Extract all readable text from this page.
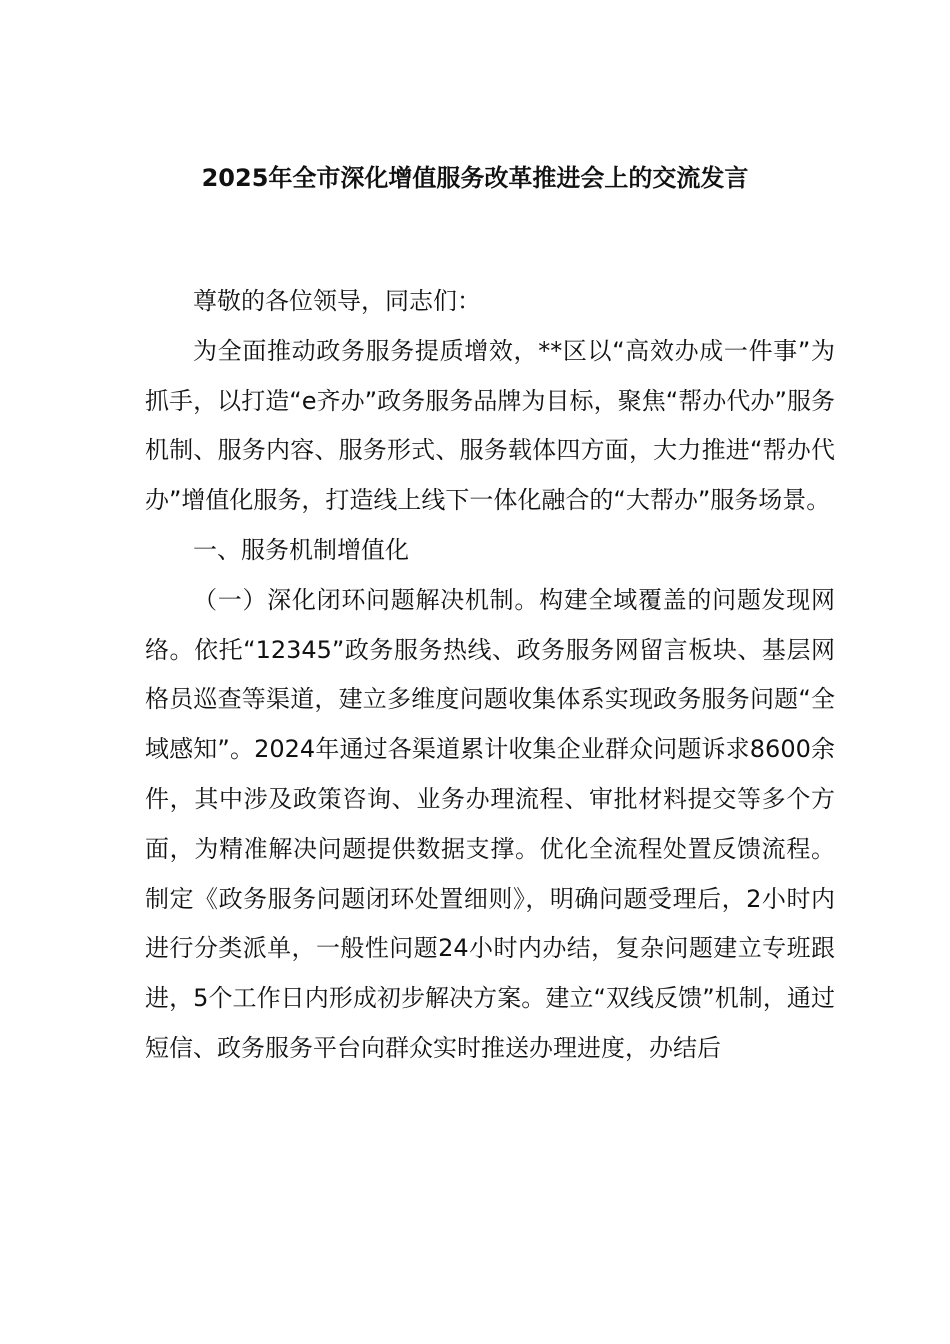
2025年全市深化增值服务改革推进会上的交流发言

尊敬的各位领导，同志们：

为全面推动政务服务提质增效，**区以“高效办成一件事”为抓手，以打造“e齐办”政务服务品牌为目标，聚焦“帮办代办”服务机制、服务内容、服务形式、服务载体四方面，大力推进“帮办代办”增值化服务，打造线上线下一体化融合的“大帮办”服务场景。

一、服务机制增值化

（一）深化闭环问题解决机制。构建全域覆盖的问题发现网络。依托“12345”政务服务热线、政务服务网留言板块、基层网格员巡查等渠道，建立多维度问题收集体系实现政务服务问题“全域感知”。2024年通过各渠道累计收集企业群众问题诉求8600余件，其中涉及政策咨询、业务办理流程、审批材料提交等多个方面，为精准解决问题提供数据支撑。优化全流程处置反馈流程。制定《政务服务问题闭环处置细则》，明确问题受理后，2小时内进行分类派单，一般性问题24小时内办结，复杂问题建立专班跟进，5个工作日内形成初步解决方案。建立“双线反馈”机制，通过短信、政务服务平台向群众实时推送办理进度，办结后
